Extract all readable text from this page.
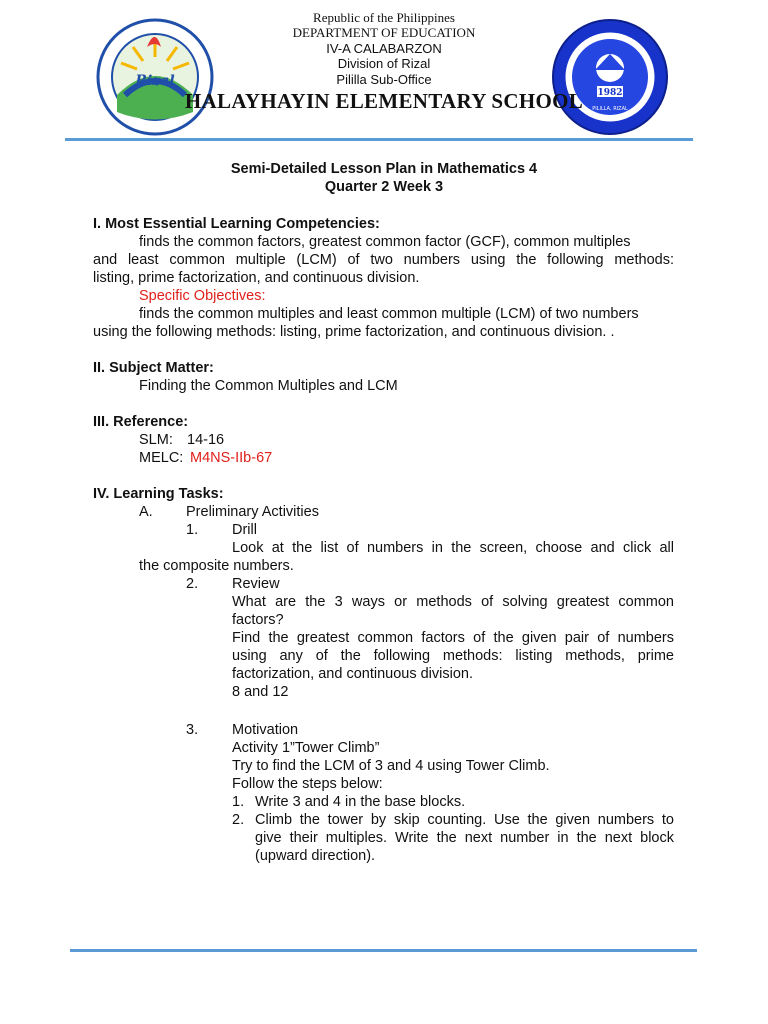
Rizal
1982
PILILLA, RIZAL
Republic of the Philippines
DEPARTMENT OF EDUCATION
IV-A CALABARZON
Division of Rizal
Pililla Sub-Office
HALAYHAYIN ELEMENTARY SCHOOL
Semi-Detailed Lesson Plan in Mathematics 4
Quarter 2 Week 3
I. Most Essential Learning Competencies:
finds the common factors, greatest common factor (GCF), common multiples
and least common multiple (LCM) of two numbers using the following methods:
listing, prime factorization, and continuous division.
Specific Objectives:
finds the common multiples and least common multiple (LCM) of two numbers
using the following methods: listing, prime factorization, and continuous division. .
II. Subject Matter:
Finding the Common Multiples and LCM
III. Reference:
SLM: 14-16
MELC: M4NS-IIb-67
IV. Learning Tasks:
A. Preliminary Activities
1. Drill
Look at the list of numbers in the screen, choose and click all
the composite numbers.
2. Review
What are the 3 ways or methods of solving greatest common
factors?
Find the greatest common factors of the given pair of numbers
using any of the following methods: listing methods, prime
factorization, and continuous division.
8 and 12
3. Motivation
Activity 1”Tower Climb”
Try to find the LCM of 3 and 4 using Tower Climb.
Follow the steps below:
1. Write 3 and 4 in the base blocks.
2. Climb the tower by skip counting. Use the given numbers to
give their multiples. Write the next number in the next block
(upward direction).
